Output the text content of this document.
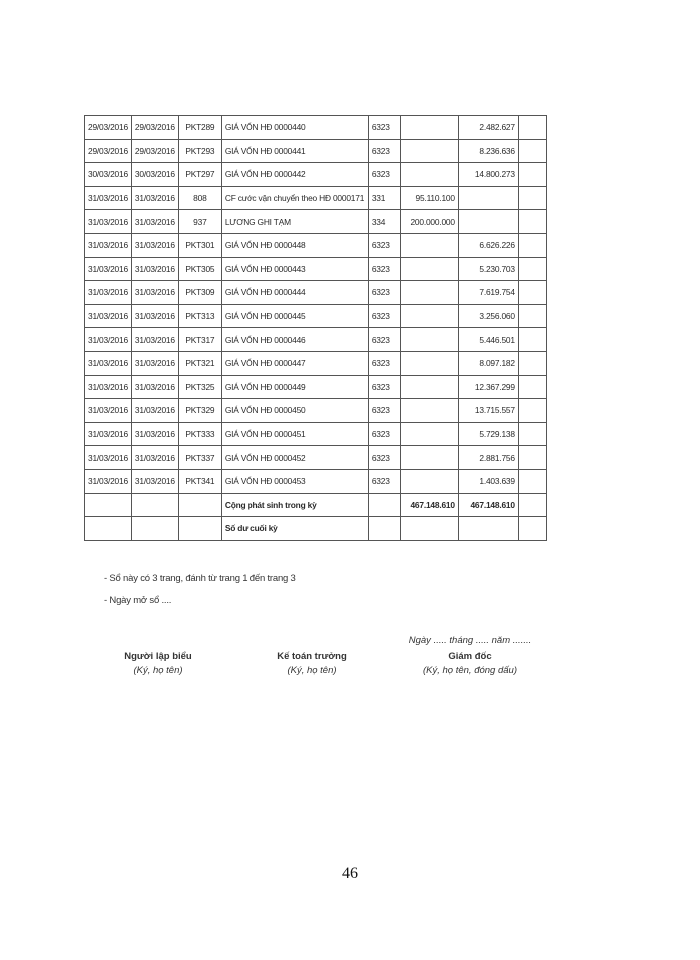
29/03/2016	29/03/2016	PKT289	GIÁ VỐN HĐ 0000440	6323		2.482.627	
29/03/2016	29/03/2016	PKT293	GIÁ VỐN HĐ 0000441	6323		8.236.636	
30/03/2016	30/03/2016	PKT297	GIÁ VỐN HĐ 0000442	6323		14.800.273	
31/03/2016	31/03/2016	808	CF cước vận chuyển theo HĐ 0000171	331	95.110.100		
31/03/2016	31/03/2016	937	LƯƠNG GHI TẠM	334	200.000.000		
31/03/2016	31/03/2016	PKT301	GIÁ VỐN HĐ 0000448	6323		6.626.226	
31/03/2016	31/03/2016	PKT305	GIÁ VỐN HĐ 0000443	6323		5.230.703	
31/03/2016	31/03/2016	PKT309	GIÁ VỐN HĐ 0000444	6323		7.619.754	
31/03/2016	31/03/2016	PKT313	GIÁ VỐN HĐ 0000445	6323		3.256.060	
31/03/2016	31/03/2016	PKT317	GIÁ VỐN HĐ 0000446	6323		5.446.501	
31/03/2016	31/03/2016	PKT321	GIÁ VỐN HĐ 0000447	6323		8.097.182	
31/03/2016	31/03/2016	PKT325	GIÁ VỐN HĐ 0000449	6323		12.367.299	
31/03/2016	31/03/2016	PKT329	GIÁ VỐN HĐ 0000450	6323		13.715.557	
31/03/2016	31/03/2016	PKT333	GIÁ VỐN HĐ 0000451	6323		5.729.138	
31/03/2016	31/03/2016	PKT337	GIÁ VỐN HĐ 0000452	6323		2.881.756	
31/03/2016	31/03/2016	PKT341	GIÁ VỐN HĐ 0000453	6323		1.403.639	
			Cộng phát sinh trong kỳ		467.148.610	467.148.610	
			Số dư cuối kỳ				
- Sổ này có 3 trang, đánh từ trang 1 đến trang 3
- Ngày mở sổ ....
Người lập biểu
(Ký, họ tên)
Kế toán trưởng
(Ký, họ tên)
Ngày ..... tháng ..... năm .......
Giám đốc
(Ký, họ tên, đóng dấu)
46
